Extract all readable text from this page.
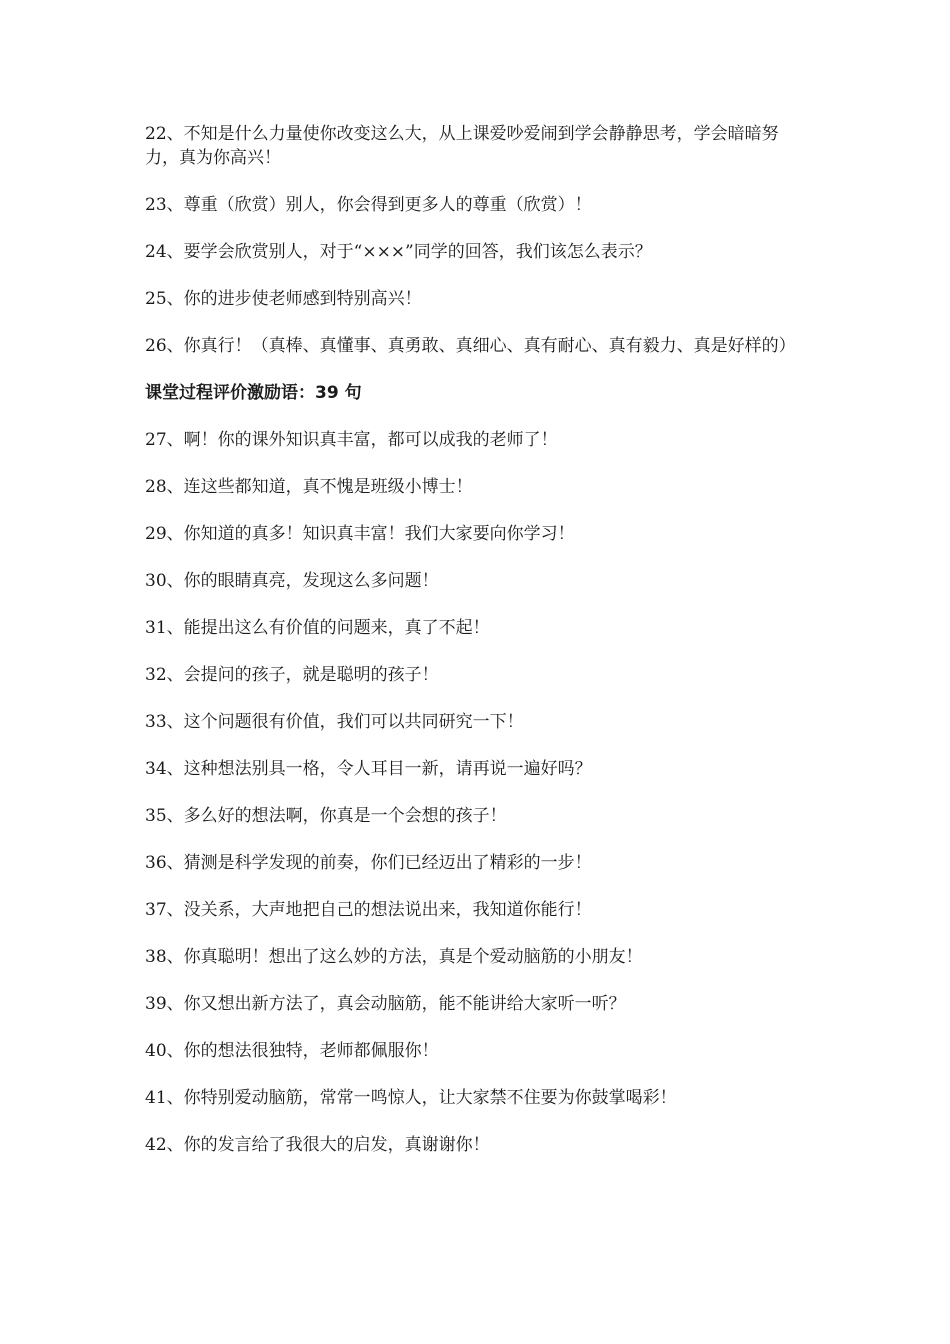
22、不知是什么力量使你改变这么大，从上课爱吵爱闹到学会静静思考，学会暗暗努力，真为你高兴！

23、尊重（欣赏）别人，你会得到更多人的尊重（欣赏）！

24、要学会欣赏别人，对于“×××”同学的回答，我们该怎么表示？

25、你的进步使老师感到特别高兴！

26、你真行！（真棒、真懂事、真勇敢、真细心、真有耐心、真有毅力、真是好样的）

课堂过程评价激励语：39 句

27、啊！你的课外知识真丰富，都可以成我的老师了！

28、连这些都知道，真不愧是班级小博士！

29、你知道的真多！知识真丰富！我们大家要向你学习！

30、你的眼睛真亮，发现这么多问题！

31、能提出这么有价值的问题来，真了不起！

32、会提问的孩子，就是聪明的孩子！

33、这个问题很有价值，我们可以共同研究一下！

34、这种想法别具一格，令人耳目一新，请再说一遍好吗？

35、多么好的想法啊，你真是一个会想的孩子！

36、猜测是科学发现的前奏，你们已经迈出了精彩的一步！

37、没关系，大声地把自己的想法说出来，我知道你能行！

38、你真聪明！想出了这么妙的方法，真是个爱动脑筋的小朋友！

39、你又想出新方法了，真会动脑筋，能不能讲给大家听一听？

40、你的想法很独特，老师都佩服你！

41、你特别爱动脑筋，常常一鸣惊人，让大家禁不住要为你鼓掌喝彩！

42、你的发言给了我很大的启发，真谢谢你！
